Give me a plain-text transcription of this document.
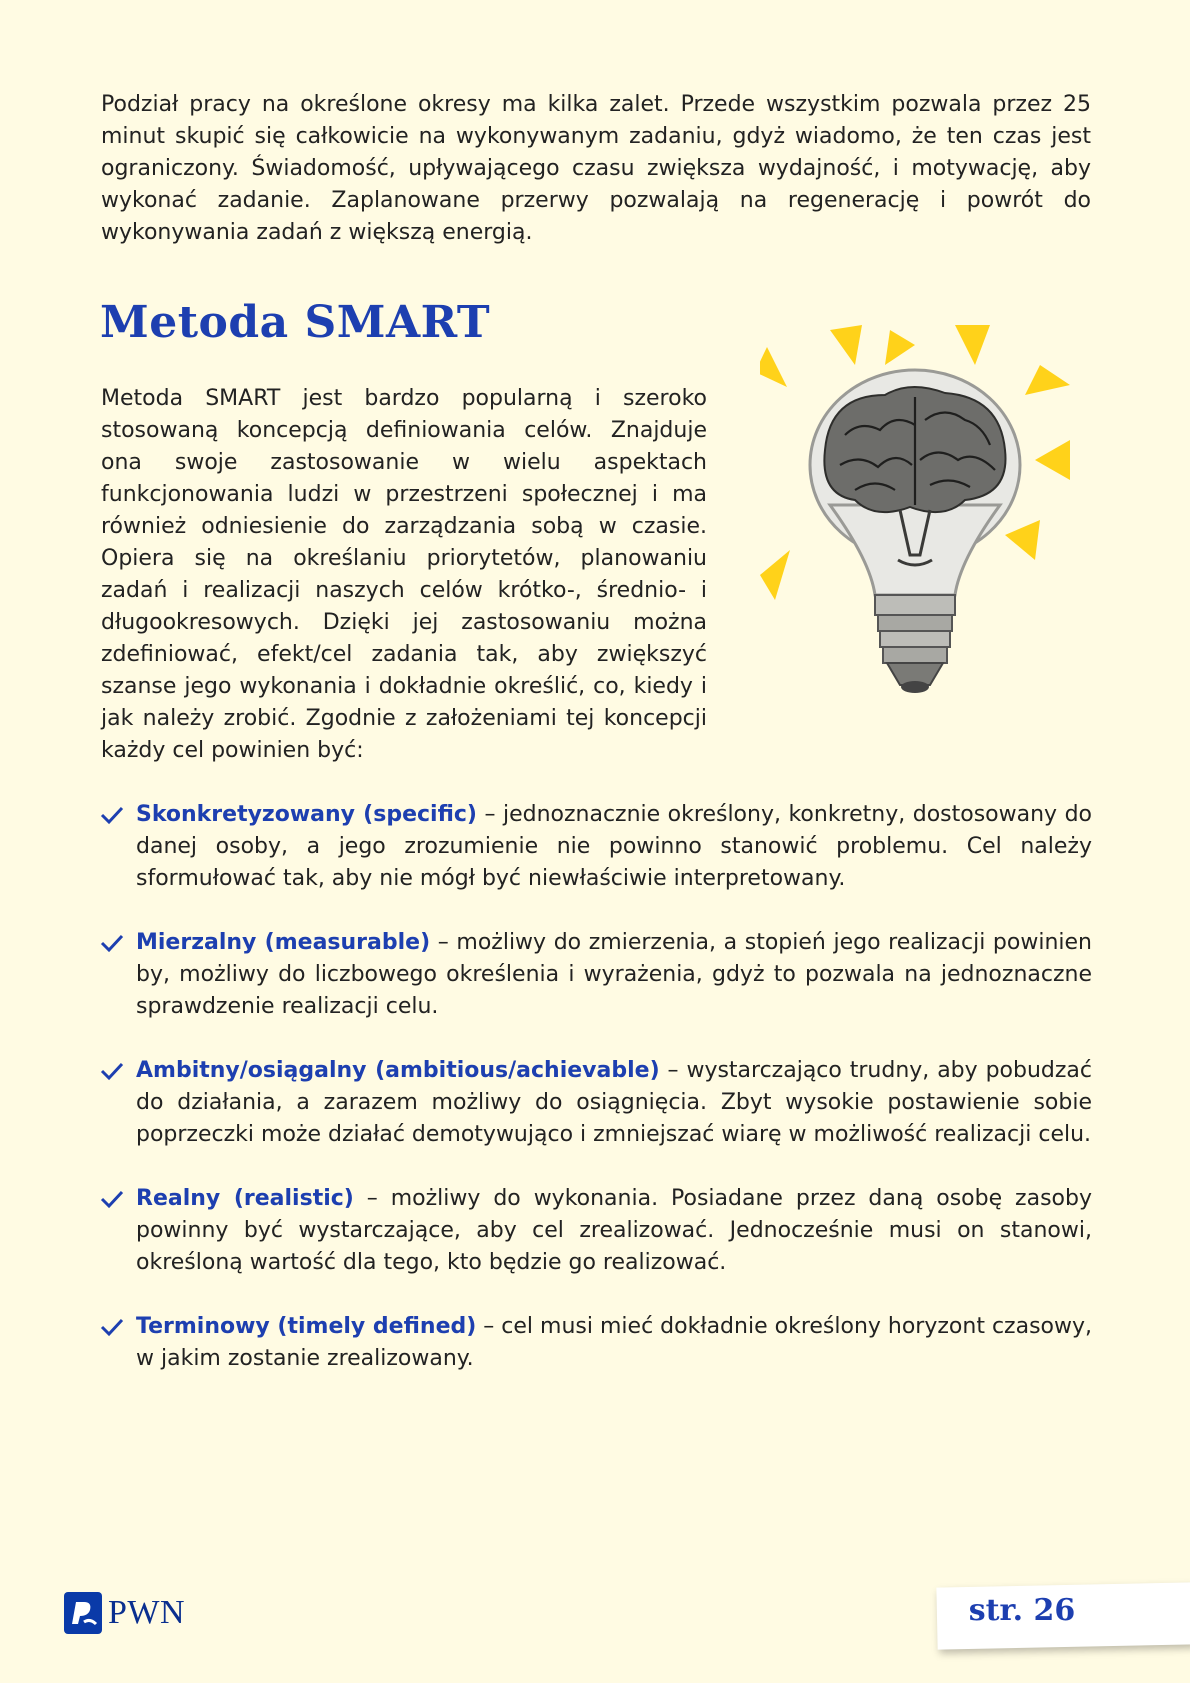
Podział pracy na określone okresy ma kilka zalet. Przede wszystkim pozwala przez 25 minut skupić się całkowicie na wykonywanym zadaniu, gdyż wiadomo, że ten czas jest ograniczony. Świadomość, upływającego czasu zwiększa wydajność, i motywację, aby wykonać zadanie. Zaplanowane przerwy pozwalają na regenerację i powrót do wykonywania zadań z większą energią.

Metoda SMART

Metoda SMART jest bardzo popularną i szeroko stosowaną koncepcją definiowania celów. Znajduje ona swoje zastosowanie w wielu aspektach funkcjonowania ludzi w przestrzeni społecznej i ma również odniesienie do zarządzania sobą w czasie. Opiera się na określaniu priorytetów, planowaniu zadań i realizacji naszych celów krótko-, średnio- i długookresowych. Dzięki jej zastosowaniu można zdefiniować, efekt/cel zadania tak, aby zwiększyć szanse jego wykonania i dokładnie określić, co, kiedy i jak należy zrobić. Zgodnie z założeniami tej koncepcji każdy cel powinien być:

Skonkretyzowany (specific) – jednoznacznie określony, konkretny, dostosowany do danej osoby, a jego zrozumienie nie powinno stanowić problemu. Cel należy sformułować tak, aby nie mógł być niewłaściwie interpretowany.
Mierzalny (measurable) – możliwy do zmierzenia, a stopień jego realizacji powinien by, możliwy do liczbowego określenia i wyrażenia, gdyż to pozwala na jednoznaczne sprawdzenie realizacji celu.
Ambitny/osiągalny (ambitious/achievable) – wystarczająco trudny, aby pobudzać do działania, a zarazem możliwy do osiągnięcia. Zbyt wysokie postawienie sobie poprzeczki może działać demotywująco i zmniejszać wiarę w możliwość realizacji celu.
Realny (realistic) – możliwy do wykonania. Posiadane przez daną osobę zasoby powinny być wystarczające, aby cel zrealizować. Jednocześnie musi on stanowi, określoną wartość dla tego, kto będzie go realizować.
Terminowy (timely defined) – cel musi mieć dokładnie określony horyzont czasowy, w jakim zostanie zrealizowany.
PWN	str. 26
